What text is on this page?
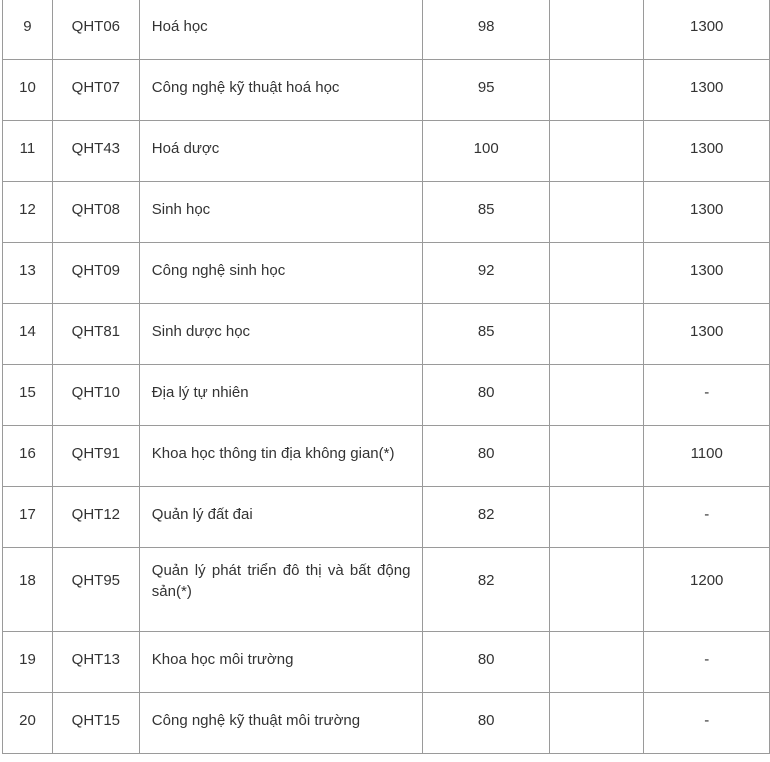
9	QHT06	Hoá học	98		1300
10	QHT07	Công nghệ kỹ thuật hoá học	95		1300
11	QHT43	Hoá dược	100		1300
12	QHT08	Sinh học	85		1300
13	QHT09	Công nghệ sinh học	92		1300
14	QHT81	Sinh dược học	85		1300
15	QHT10	Địa lý tự nhiên	80		-
16	QHT91	Khoa học thông tin địa không gian(*)	80		1100
17	QHT12	Quản lý đất đai	82		-
18	QHT95	Quản lý phát triển đô thị và bất động sản(*)	82		1200
19	QHT13	Khoa học môi trường	80		-
20	QHT15	Công nghệ kỹ thuật môi trường	80		-
